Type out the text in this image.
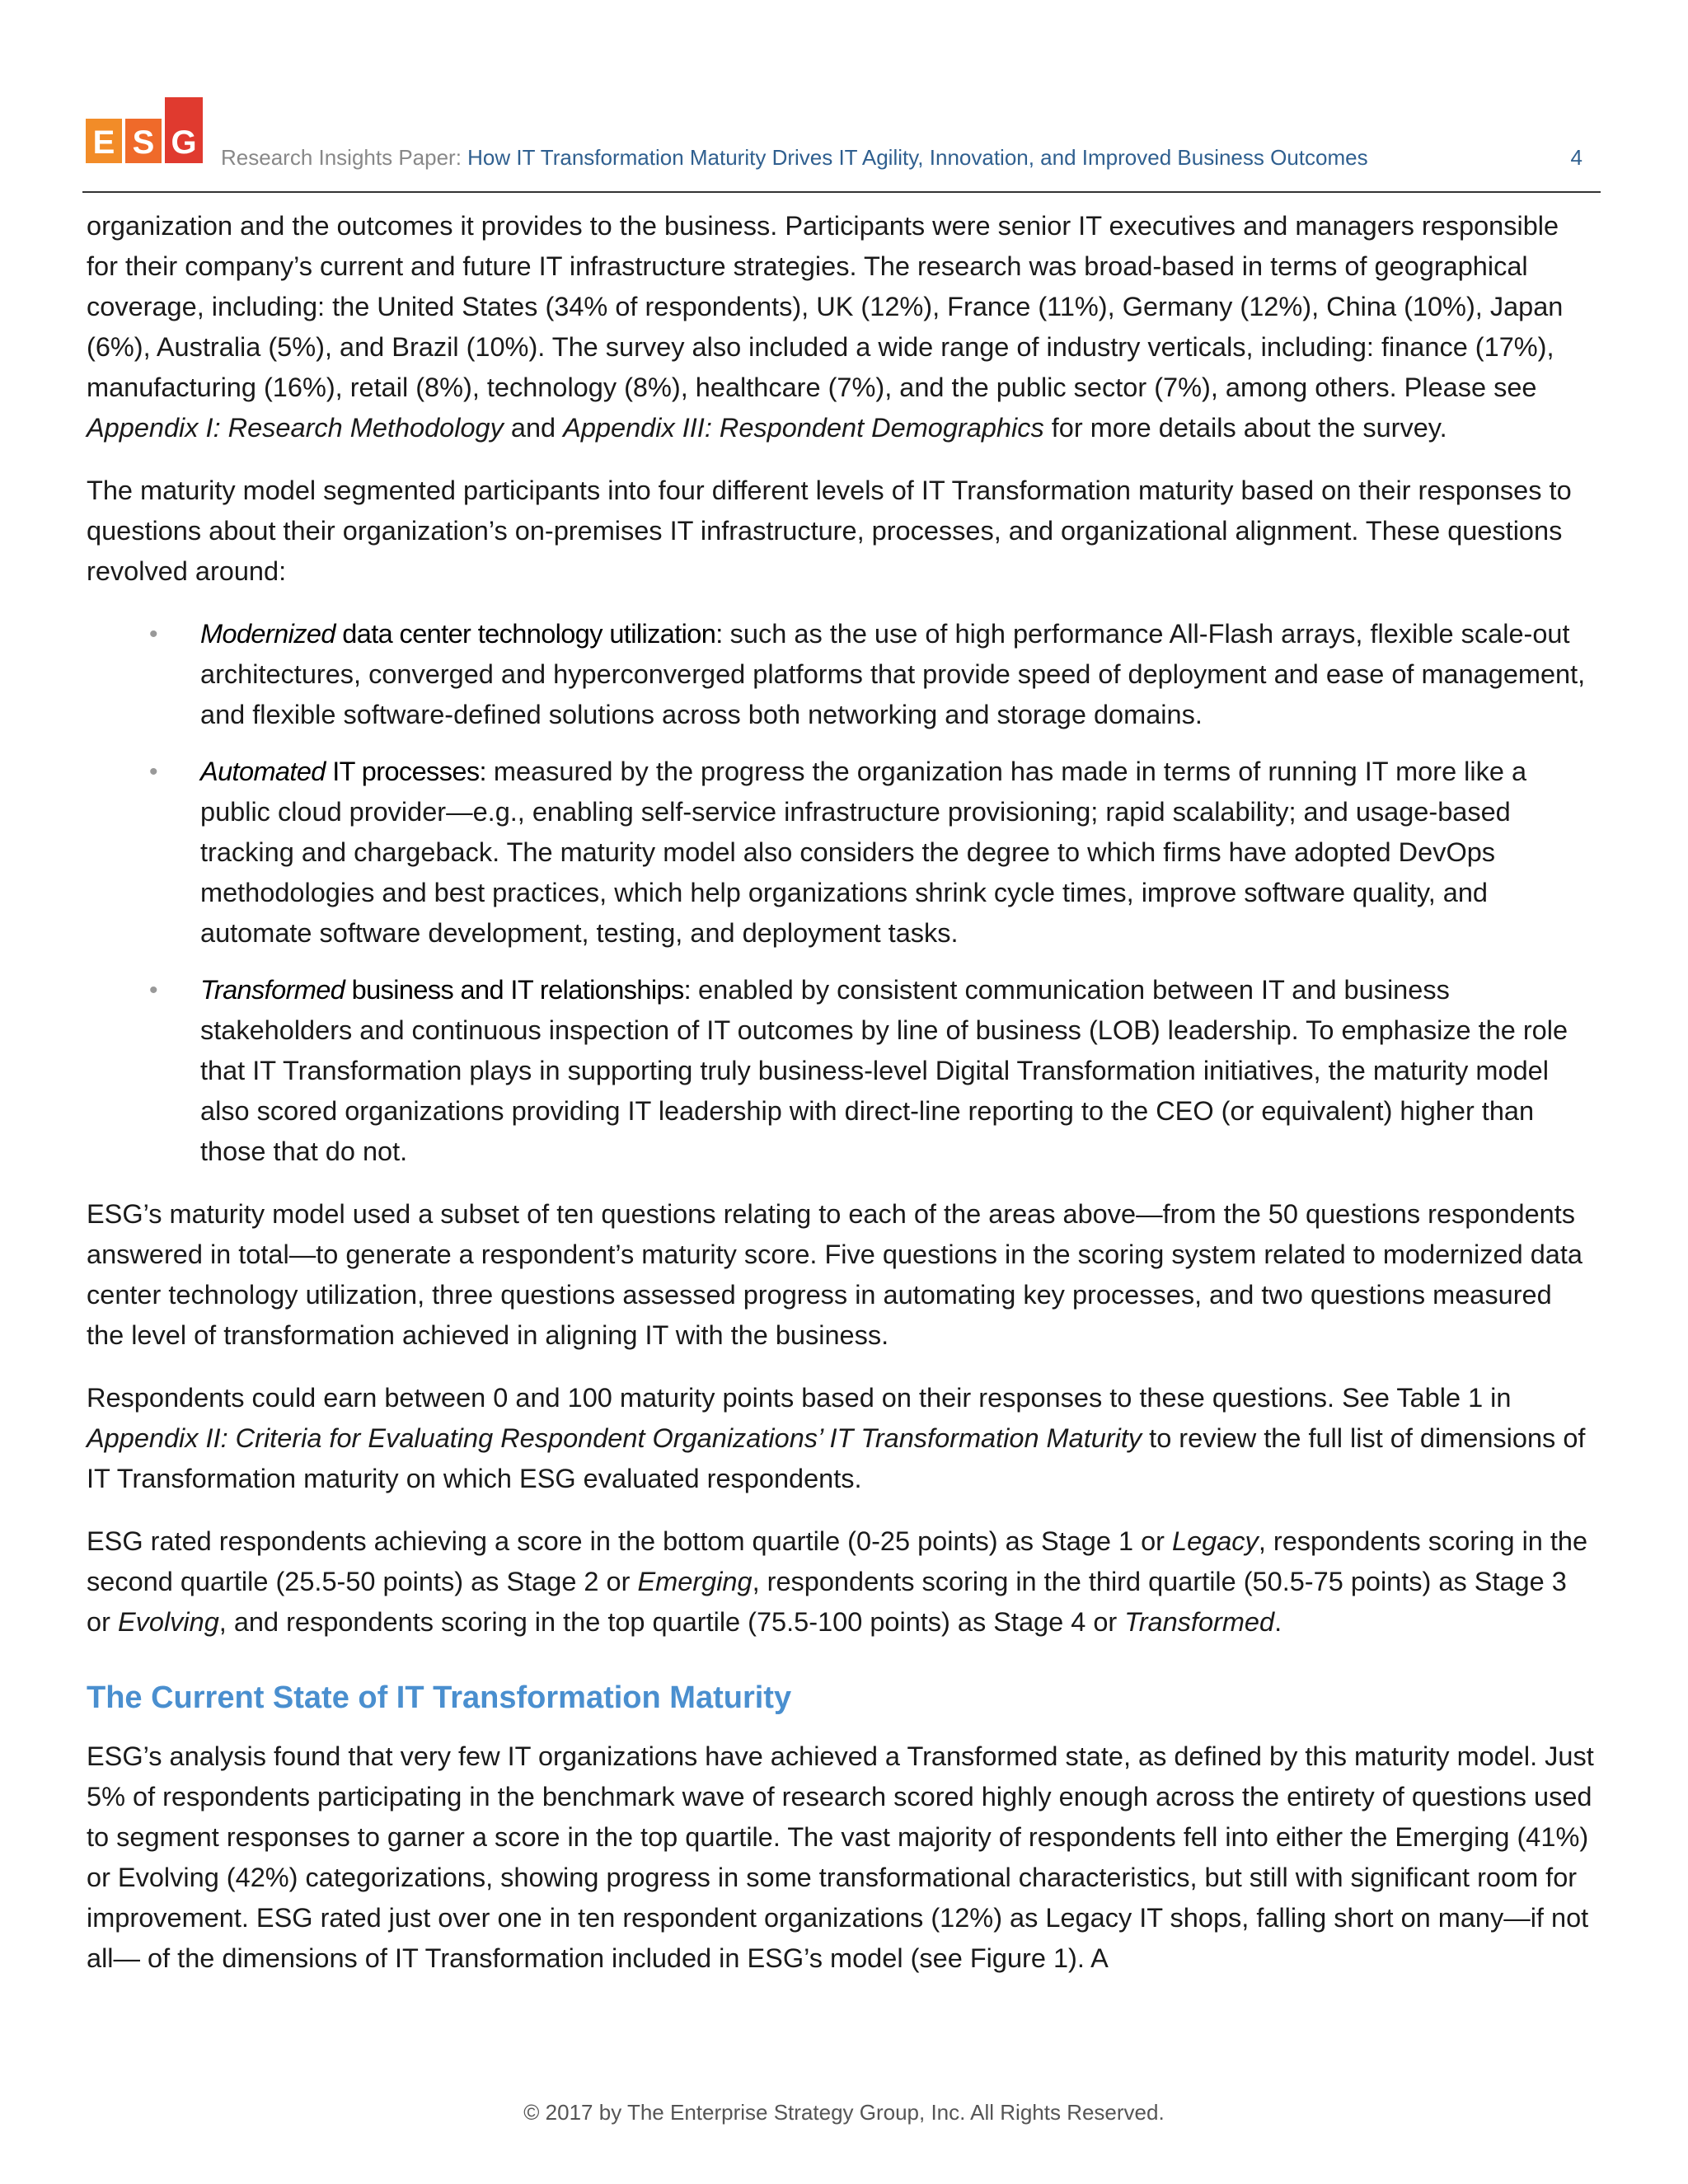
E S G Research Insights Paper: How IT Transformation Maturity Drives IT Agility, Innovation, and Improved Business Outcomes	4

organization and the outcomes it provides to the business. Participants were senior IT executives and managers responsible for their company’s current and future IT infrastructure strategies. The research was broad-based in terms of geographical coverage, including: the United States (34% of respondents), UK (12%), France (11%), Germany (12%), China (10%), Japan (6%), Australia (5%), and Brazil (10%). The survey also included a wide range of industry verticals, including: finance (17%), manufacturing (16%), retail (8%), technology (8%), healthcare (7%), and the public sector (7%), among others. Please see Appendix I: Research Methodology and Appendix III: Respondent Demographics for more details about the survey.

The maturity model segmented participants into four different levels of IT Transformation maturity based on their responses to questions about their organization’s on-premises IT infrastructure, processes, and organizational alignment. These questions revolved around:

• Modernized data center technology utilization: such as the use of high performance All-Flash arrays, flexible scale-out architectures, converged and hyperconverged platforms that provide speed of deployment and ease of management, and flexible software-defined solutions across both networking and storage domains.
• Automated IT processes: measured by the progress the organization has made in terms of running IT more like a public cloud provider—e.g., enabling self-service infrastructure provisioning; rapid scalability; and usage-based tracking and chargeback. The maturity model also considers the degree to which firms have adopted DevOps methodologies and best practices, which help organizations shrink cycle times, improve software quality, and automate software development, testing, and deployment tasks.
• Transformed business and IT relationships: enabled by consistent communication between IT and business stakeholders and continuous inspection of IT outcomes by line of business (LOB) leadership. To emphasize the role that IT Transformation plays in supporting truly business-level Digital Transformation initiatives, the maturity model also scored organizations providing IT leadership with direct-line reporting to the CEO (or equivalent) higher than those that do not.

ESG’s maturity model used a subset of ten questions relating to each of the areas above—from the 50 questions respondents answered in total—to generate a respondent’s maturity score. Five questions in the scoring system related to modernized data center technology utilization, three questions assessed progress in automating key processes, and two questions measured the level of transformation achieved in aligning IT with the business.

Respondents could earn between 0 and 100 maturity points based on their responses to these questions. See Table 1 in Appendix II: Criteria for Evaluating Respondent Organizations’ IT Transformation Maturity to review the full list of dimensions of IT Transformation maturity on which ESG evaluated respondents.

ESG rated respondents achieving a score in the bottom quartile (0-25 points) as Stage 1 or Legacy, respondents scoring in the second quartile (25.5-50 points) as Stage 2 or Emerging, respondents scoring in the third quartile (50.5-75 points) as Stage 3 or Evolving, and respondents scoring in the top quartile (75.5-100 points) as Stage 4 or Transformed.

The Current State of IT Transformation Maturity

ESG’s analysis found that very few IT organizations have achieved a Transformed state, as defined by this maturity model. Just 5% of respondents participating in the benchmark wave of research scored highly enough across the entirety of questions used to segment responses to garner a score in the top quartile. The vast majority of respondents fell into either the Emerging (41%) or Evolving (42%) categorizations, showing progress in some transformational characteristics, but still with significant room for improvement. ESG rated just over one in ten respondent organizations (12%) as Legacy IT shops, falling short on many—if not all— of the dimensions of IT Transformation included in ESG’s model (see Figure 1). A

© 2017 by The Enterprise Strategy Group, Inc. All Rights Reserved.
